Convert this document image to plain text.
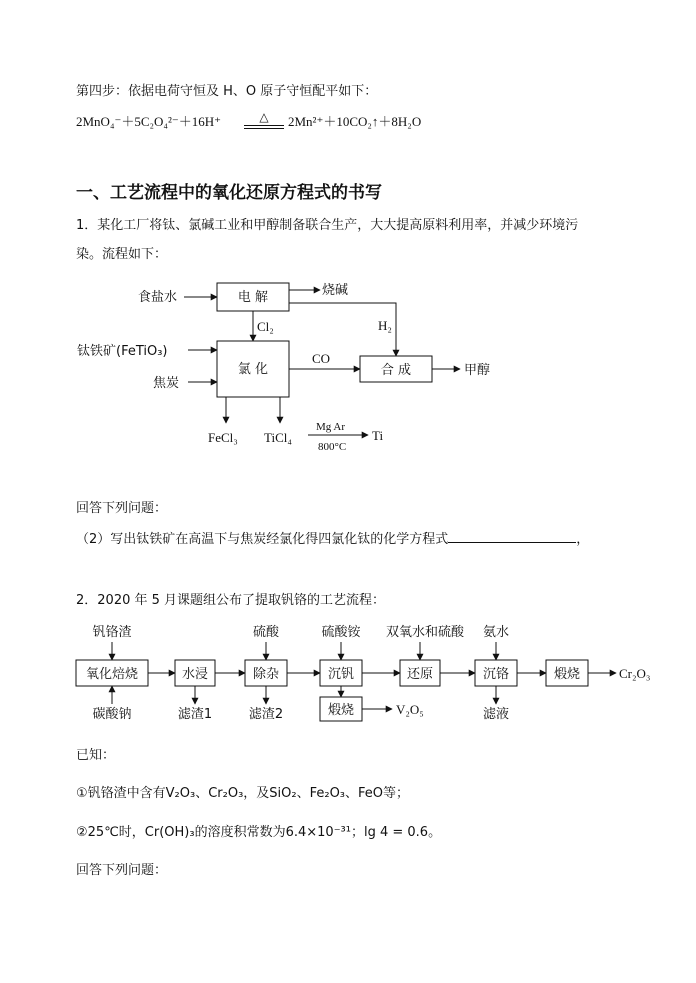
第四步：依据电荷守恒及 H、O 原子守恒配平如下：
2MnO₄⁻＋5C₂O₄²⁻＋16H⁺	△	2Mn²⁺＋10CO₂↑＋8H₂O
一、工艺流程中的氧化还原方程式的书写
1．某化工厂将钛、氯碱工业和甲醇制备联合生产，大大提高原料利用率，并减少环境污
染。流程如下：
食盐水	电 解	烧碱
Cl₂	H₂
钛铁矿(FeTiO₃)
焦炭
氯 化
CO
合 成	甲醇
FeCl₃ TiCl₄
Mg Ar
800°C
Ti
回答下列问题：
（2）写出钛铁矿在高温下与焦炭经氯化得四氯化钛的化学方程式	，
2．2020 年 5 月课题组公布了提取钒铬的工艺流程：
钒铬渣	硫酸	硫酸铵 双氧水和硫酸 氨水
氧化焙烧	水浸	除杂	沉钒	还原	沉铬	煅烧	Cr₂O₃
碳酸钠	滤渣1	滤渣2	煅烧	V₂O₅	滤液
已知：
①钒铬渣中含有V₂O₃、Cr₂O₃，及SiO₂、Fe₂O₃、FeO等；
②25℃时，Cr(OH)₃的溶度积常数为6.4×10⁻³¹；lg 4 = 0.6。
回答下列问题：
